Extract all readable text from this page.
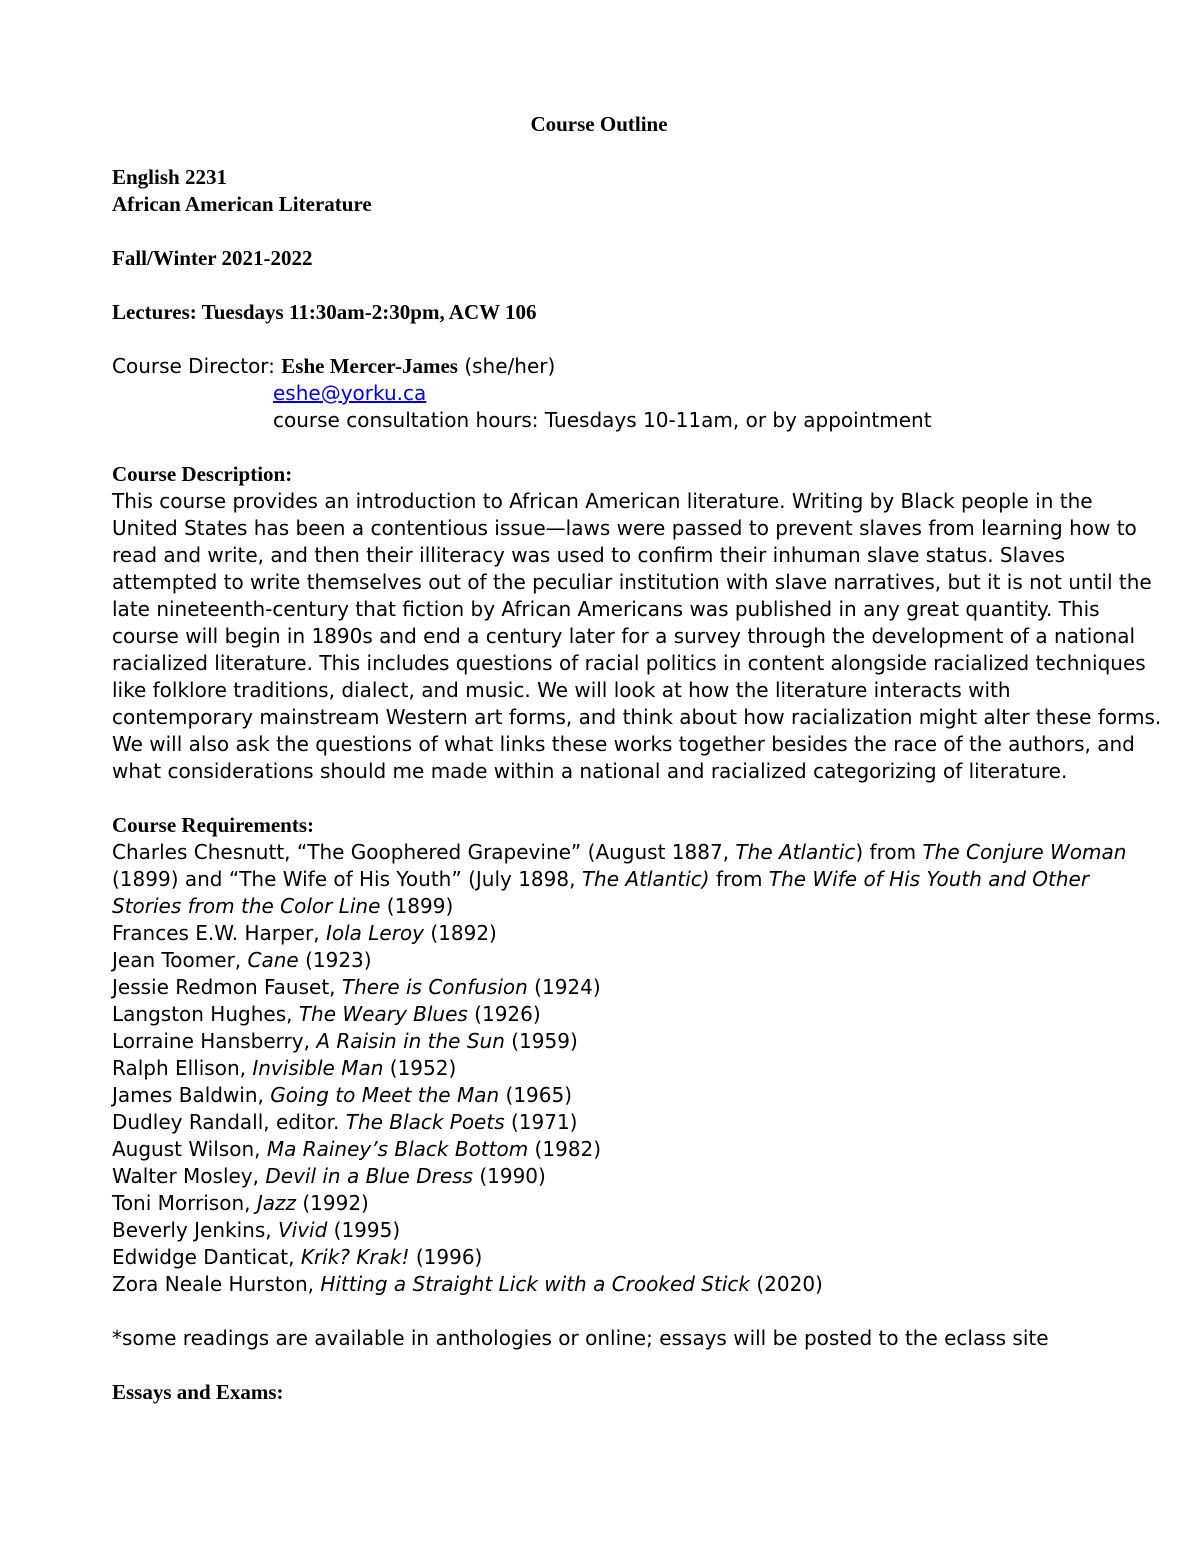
Course Outline
English 2231
African American Literature
Fall/Winter 2021-2022
Lectures: Tuesdays 11:30am-2:30pm, ACW 106
Course Director: Eshe Mercer-James (she/her)
eshe@yorku.ca
course consultation hours: Tuesdays 10-11am, or by appointment
Course Description:
This course provides an introduction to African American literature. Writing by Black people in the
United States has been a contentious issue—laws were passed to prevent slaves from learning how to
read and write, and then their illiteracy was used to confirm their inhuman slave status. Slaves
attempted to write themselves out of the peculiar institution with slave narratives, but it is not until the
late nineteenth-century that fiction by African Americans was published in any great quantity. This
course will begin in 1890s and end a century later for a survey through the development of a national
racialized literature. This includes questions of racial politics in content alongside racialized techniques
like folklore traditions, dialect, and music. We will look at how the literature interacts with
contemporary mainstream Western art forms, and think about how racialization might alter these forms.
We will also ask the questions of what links these works together besides the race of the authors, and
what considerations should me made within a national and racialized categorizing of literature.
Course Requirements:
Charles Chesnutt, “The Goophered Grapevine” (August 1887, The Atlantic) from The Conjure Woman
(1899) and “The Wife of His Youth” (July 1898, The Atlantic) from The Wife of His Youth and Other
Stories from the Color Line (1899)
Frances E.W. Harper, Iola Leroy (1892)
Jean Toomer, Cane (1923)
Jessie Redmon Fauset, There is Confusion (1924)
Langston Hughes, The Weary Blues (1926)
Lorraine Hansberry, A Raisin in the Sun (1959)
Ralph Ellison, Invisible Man (1952)
James Baldwin, Going to Meet the Man (1965)
Dudley Randall, editor. The Black Poets (1971)
August Wilson, Ma Rainey’s Black Bottom (1982)
Walter Mosley, Devil in a Blue Dress (1990)
Toni Morrison, Jazz (1992)
Beverly Jenkins, Vivid (1995)
Edwidge Danticat, Krik? Krak! (1996)
Zora Neale Hurston, Hitting a Straight Lick with a Crooked Stick (2020)
*some readings are available in anthologies or online; essays will be posted to the eclass site
Essays and Exams:
